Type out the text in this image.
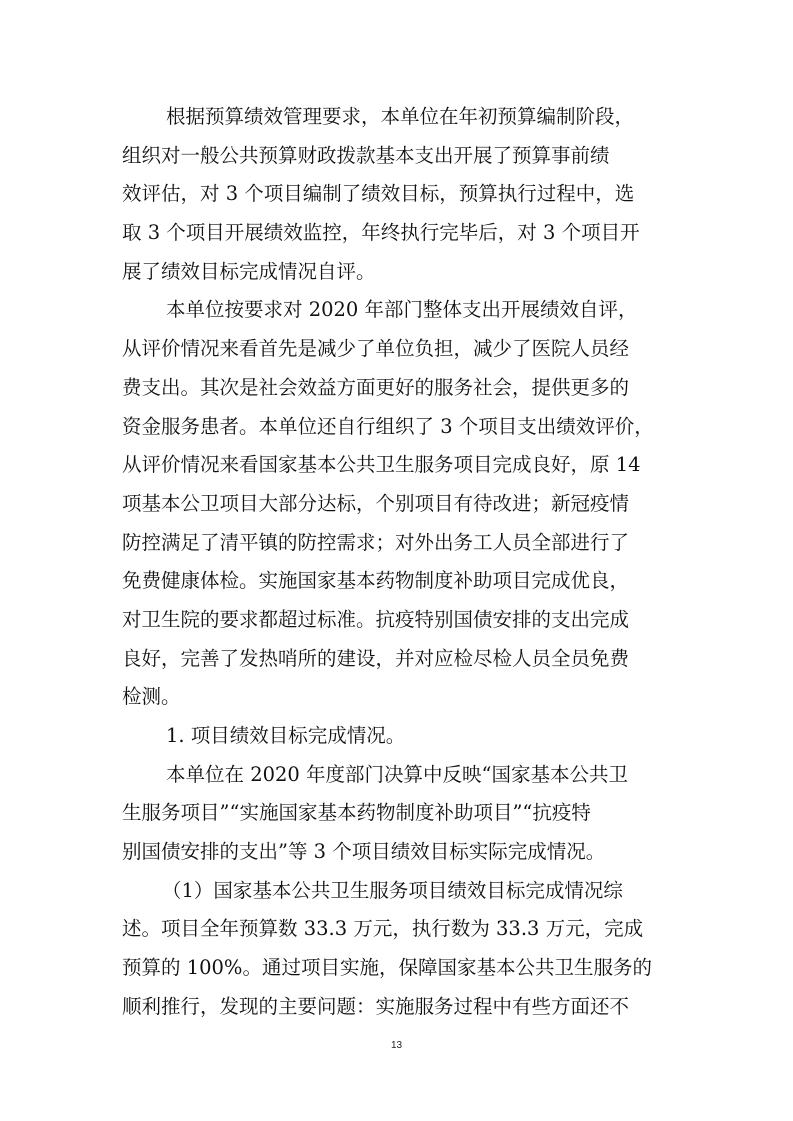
根据预算绩效管理要求，本单位在年初预算编制阶段，
组织对一般公共预算财政拨款基本支出开展了预算事前绩
效评估，对 3 个项目编制了绩效目标，预算执行过程中，选
取 3 个项目开展绩效监控，年终执行完毕后，对 3 个项目开
展了绩效目标完成情况自评。
本单位按要求对 2020 年部门整体支出开展绩效自评，
从评价情况来看首先是减少了单位负担，减少了医院人员经
费支出。其次是社会效益方面更好的服务社会，提供更多的
资金服务患者。本单位还自行组织了 3 个项目支出绩效评价，
从评价情况来看国家基本公共卫生服务项目完成良好，原 14
项基本公卫项目大部分达标，个别项目有待改进；新冠疫情
防控满足了清平镇的防控需求；对外出务工人员全部进行了
免费健康体检。实施国家基本药物制度补助项目完成优良，
对卫生院的要求都超过标准。抗疫特别国债安排的支出完成
良好，完善了发热哨所的建设，并对应检尽检人员全员免费
检测。
1. 项目绩效目标完成情况。
本单位在 2020 年度部门决算中反映“国家基本公共卫
生服务项目”“实施国家基本药物制度补助项目”“抗疫特
别国债安排的支出”等 3 个项目绩效目标实际完成情况。
（1）国家基本公共卫生服务项目绩效目标完成情况综
述。项目全年预算数 33.3 万元，执行数为 33.3 万元，完成
预算的 100%。通过项目实施，保障国家基本公共卫生服务的
顺利推行，发现的主要问题：实施服务过程中有些方面还不
13
